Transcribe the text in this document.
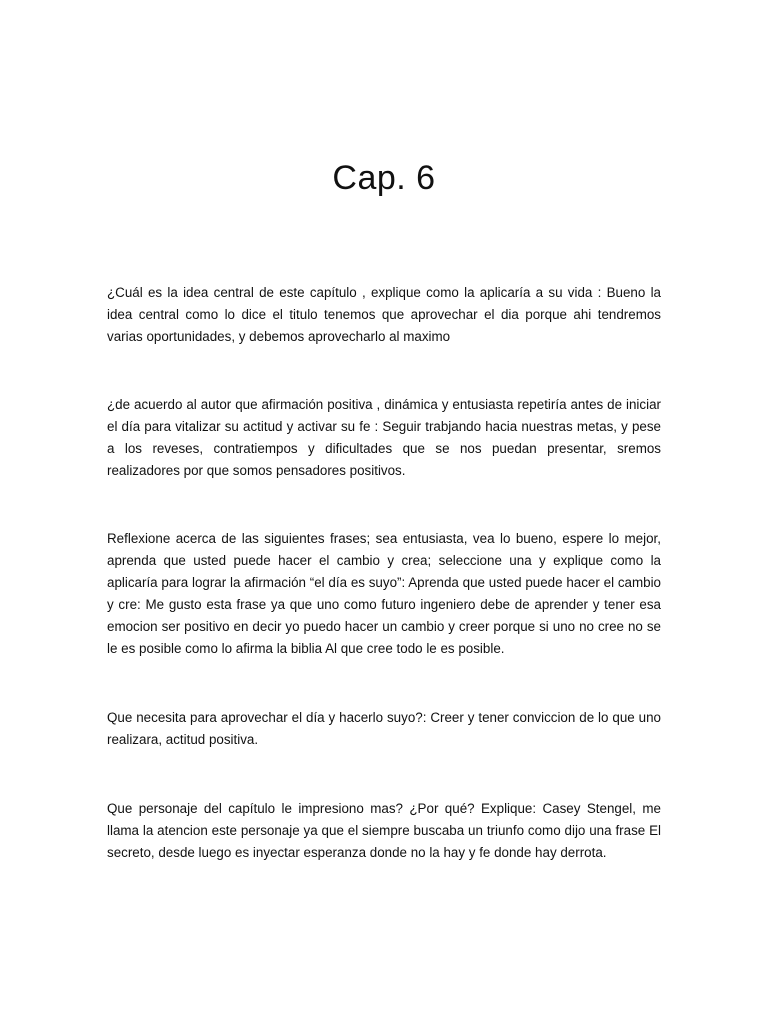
Cap. 6

¿Cuál es la idea central de este capítulo , explique como la aplicaría a su vida : Bueno la idea central como lo dice el titulo tenemos que aprovechar el dia porque ahi tendremos varias oportunidades, y debemos aprovecharlo al maximo

¿de acuerdo al autor que afirmación positiva , dinámica y entusiasta repetiría antes de iniciar el día para vitalizar su actitud y activar su fe : Seguir trabjando hacia nuestras metas, y pese a los reveses, contratiempos y dificultades que se nos puedan presentar, sremos realizadores por que somos pensadores positivos.

Reflexione acerca de las siguientes frases; sea entusiasta, vea lo bueno, espere lo mejor, aprenda que usted puede hacer el cambio y crea; seleccione una y explique como la aplicaría para lograr la afirmación “el día es suyo”: Aprenda que usted puede hacer el cambio y cre: Me gusto esta frase ya que uno como futuro ingeniero debe de aprender y tener esa emocion ser positivo en decir yo puedo hacer un cambio y creer porque si uno no cree no se le es posible como lo afirma la biblia Al que cree todo le es posible.

Que necesita para aprovechar el día y hacerlo suyo?: Creer y tener conviccion de lo que uno realizara, actitud positiva.

Que personaje del capítulo le impresiono mas? ¿Por qué? Explique: Casey Stengel, me llama la atencion este personaje ya que el siempre buscaba un triunfo como dijo una frase El secreto, desde luego es inyectar esperanza donde no la hay y fe donde hay derrota.
